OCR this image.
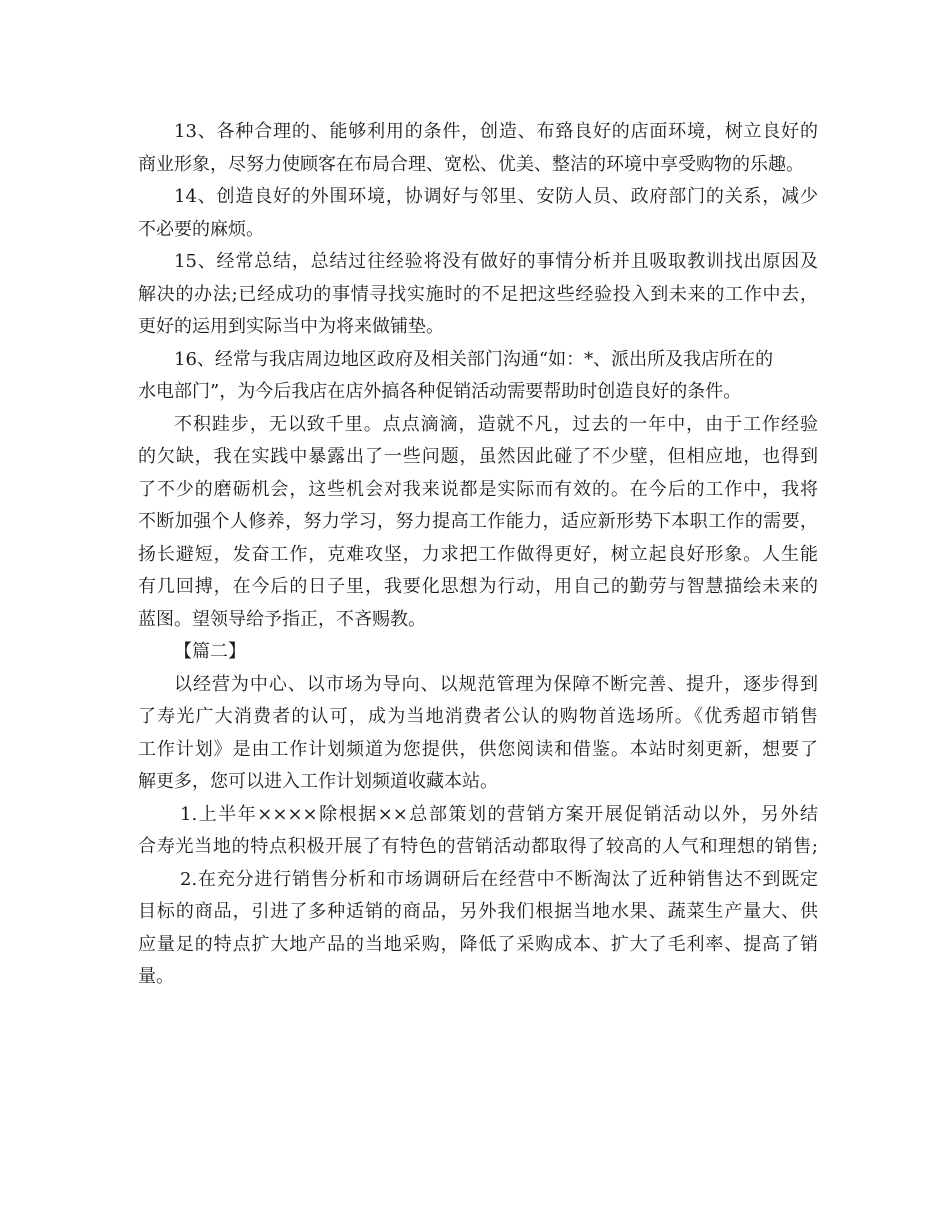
13、各种合理的、能够利用的条件，创造、布臵良好的店面环境，树立良好的
商业形象，尽努力使顾客在布局合理、宽松、优美、整洁的环境中享受购物的乐趣。
14、创造良好的外围环境，协调好与邻里、安防人员、政府部门的关系，减少
不必要的麻烦。
15、经常总结，总结过往经验将没有做好的事情分析并且吸取教训找出原因及
解决的办法;已经成功的事情寻找实施时的不足把这些经验投入到未来的工作中去，
更好的运用到实际当中为将来做铺垫。
16、经常与我店周边地区政府及相关部门沟通“如：*、派出所及我店所在的
水电部门”，为今后我店在店外搞各种促销活动需要帮助时创造良好的条件。
不积跬步，无以致千里。点点滴滴，造就不凡，过去的一年中，由于工作经验
的欠缺，我在实践中暴露出了一些问题，虽然因此碰了不少壁，但相应地，也得到
了不少的磨砺机会，这些机会对我来说都是实际而有效的。在今后的工作中，我将
不断加强个人修养，努力学习，努力提高工作能力，适应新形势下本职工作的需要，
扬长避短，发奋工作，克难攻坚，力求把工作做得更好，树立起良好形象。人生能
有几回搏，在今后的日子里，我要化思想为行动，用自己的勤劳与智慧描绘未来的
蓝图。望领导给予指正，不吝赐教。
【篇二】
以经营为中心、以市场为导向、以规范管理为保障不断完善、提升，逐步得到
了寿光广大消费者的认可，成为当地消费者公认的购物首选场所。《优秀超市销售
工作计划》是由工作计划频道为您提供，供您阅读和借鉴。本站时刻更新，想要了
解更多，您可以进入工作计划频道收藏本站。
1.上半年××××除根据××总部策划的营销方案开展促销活动以外，另外结
合寿光当地的特点积极开展了有特色的营销活动都取得了较高的人气和理想的销售;
2.在充分进行销售分析和市场调研后在经营中不断淘汰了近种销售达不到既定
目标的商品，引进了多种适销的商品，另外我们根据当地水果、蔬菜生产量大、供
应量足的特点扩大地产品的当地采购，降低了采购成本、扩大了毛利率、提高了销
量。
